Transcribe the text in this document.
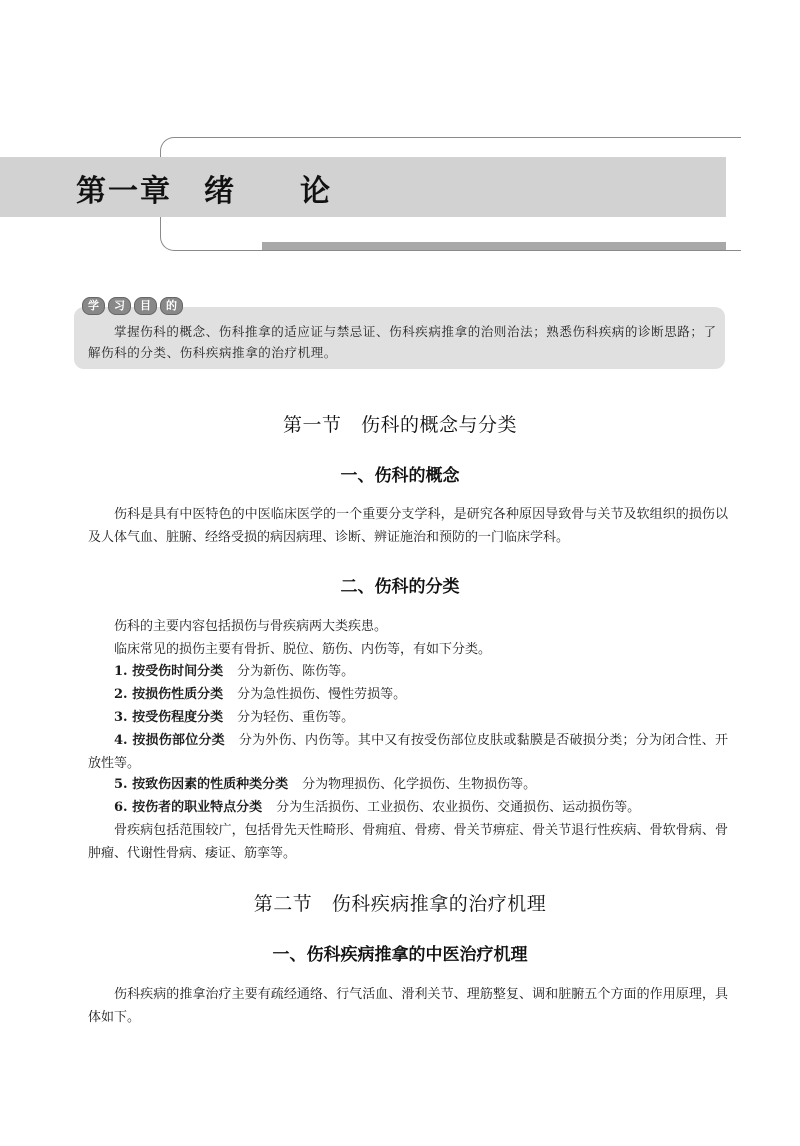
第一章　绪　　论
学	习	目	的
掌握伤科的概念、伤科推拿的适应证与禁忌证、伤科疾病推拿的治则治法；熟悉伤科疾病的诊断思路；了解伤科的分类、伤科疾病推拿的治疗机理。
第一节　伤科的概念与分类
一、伤科的概念
伤科是具有中医特色的中医临床医学的一个重要分支学科，是研究各种原因导致骨与关节及软组织的损伤以及人体气血、脏腑、经络受损的病因病理、诊断、辨证施治和预防的一门临床学科。
二、伤科的分类
伤科的主要内容包括损伤与骨疾病两大类疾患。
临床常见的损伤主要有骨折、脱位、筋伤、内伤等，有如下分类。
1. 按受伤时间分类 分为新伤、陈伤等。
2. 按损伤性质分类 分为急性损伤、慢性劳损等。
3. 按受伤程度分类 分为轻伤、重伤等。
4. 按损伤部位分类 分为外伤、内伤等。其中又有按受伤部位皮肤或黏膜是否破损分类；分为闭合性、开放性等。
5. 按致伤因素的性质种类分类 分为物理损伤、化学损伤、生物损伤等。
6. 按伤者的职业特点分类 分为生活损伤、工业损伤、农业损伤、交通损伤、运动损伤等。
骨疾病包括范围较广，包括骨先天性畸形、骨痈疽、骨痨、骨关节痹症、骨关节退行性疾病、骨软骨病、骨肿瘤、代谢性骨病、痿证、筋挛等。
第二节　伤科疾病推拿的治疗机理
一、伤科疾病推拿的中医治疗机理
伤科疾病的推拿治疗主要有疏经通络、行气活血、滑利关节、理筋整复、调和脏腑五个方面的作用原理，具体如下。
